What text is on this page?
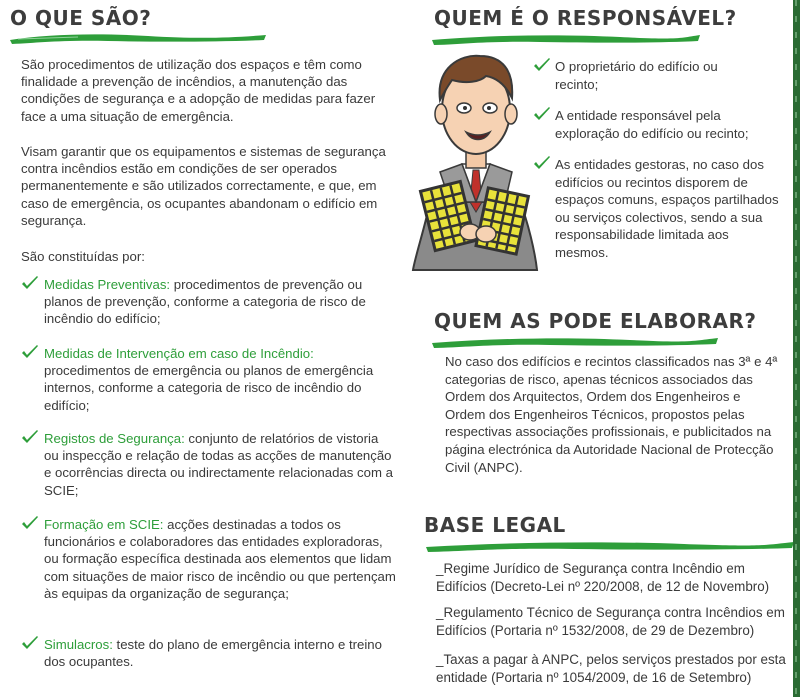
O QUE SÃO?

São procedimentos de utilização dos espaços e têm como finalidade a prevenção de incêndios, a manutenção das condições de segurança e a adopção de medidas para fazer face a uma situação de emergência.

Visam garantir que os equipamentos e sistemas de segurança contra incêndios estão em condições de ser operados permanentemente e são utilizados correctamente, e que, em caso de emergência, os ocupantes abandonam o edifício em segurança.

São constituídas por:

Medidas Preventivas: procedimentos de prevenção ou planos de prevenção, conforme a categoria de risco de incêndio do edifício;

Medidas de Intervenção em caso de Incêndio: procedimentos de emergência ou planos de emergência internos, conforme a categoria de risco de incêndio do edifício;

Registos de Segurança: conjunto de relatórios de vistoria ou inspecção e relação de todas as acções de manutenção e ocorrências directa ou indirectamente relacionadas com a SCIE;

Formação em SCIE: acções destinadas a todos os funcionários e colaboradores das entidades exploradoras, ou formação específica destinada aos elementos que lidam com situações de maior risco de incêndio ou que pertençam às equipas da organização de segurança;

Simulacros: teste do plano de emergência interno e treino dos ocupantes.

QUEM É O RESPONSÁVEL?

O proprietário do edifício ou recinto;

A entidade responsável pela exploração do edifício ou recinto;

As entidades gestoras, no caso dos edifícios ou recintos disporem de espaços comuns, espaços partilhados ou serviços colectivos, sendo a sua responsabilidade limitada aos mesmos.

QUEM AS PODE ELABORAR?

No caso dos edifícios e recintos classificados nas 3ª e 4ª categorias de risco, apenas técnicos associados das Ordem dos Arquitectos, Ordem dos Engenheiros e Ordem dos Engenheiros Técnicos, propostos pelas respectivas associações profissionais, e publicitados na página electrónica da Autoridade Nacional de Protecção Civil (ANPC).

BASE LEGAL

_Regime Jurídico de Segurança contra Incêndio em Edifícios (Decreto-Lei nº 220/2008, de 12 de Novembro)

_Regulamento Técnico de Segurança contra Incêndios em Edifícios (Portaria nº 1532/2008, de 29 de Dezembro)

_Taxas a pagar à ANPC, pelos serviços prestados por esta entidade (Portaria nº 1054/2009, de 16 de Setembro)
